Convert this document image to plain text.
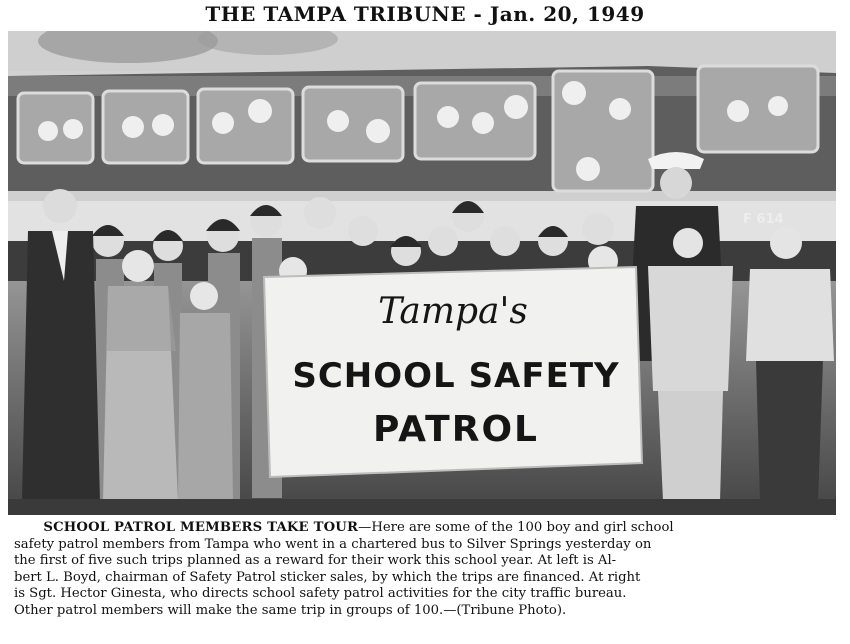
THE TAMPA TRIBUNE - Jan. 20, 1949
F 614
Tampa's
SCHOOL SAFETY
PATROL
SCHOOL PATROL MEMBERS TAKE TOUR—Here are some of the 100 boy and girl school
safety patrol members from Tampa who went in a chartered bus to Silver Springs yesterday on
the first of five such trips planned as a reward for their work this school year. At left is Al-
bert L. Boyd, chairman of Safety Patrol sticker sales, by which the trips are financed. At right
is Sgt. Hector Ginesta, who directs school safety patrol activities for the city traffic bureau.
Other patrol members will make the same trip in groups of 100.—(Tribune Photo).
